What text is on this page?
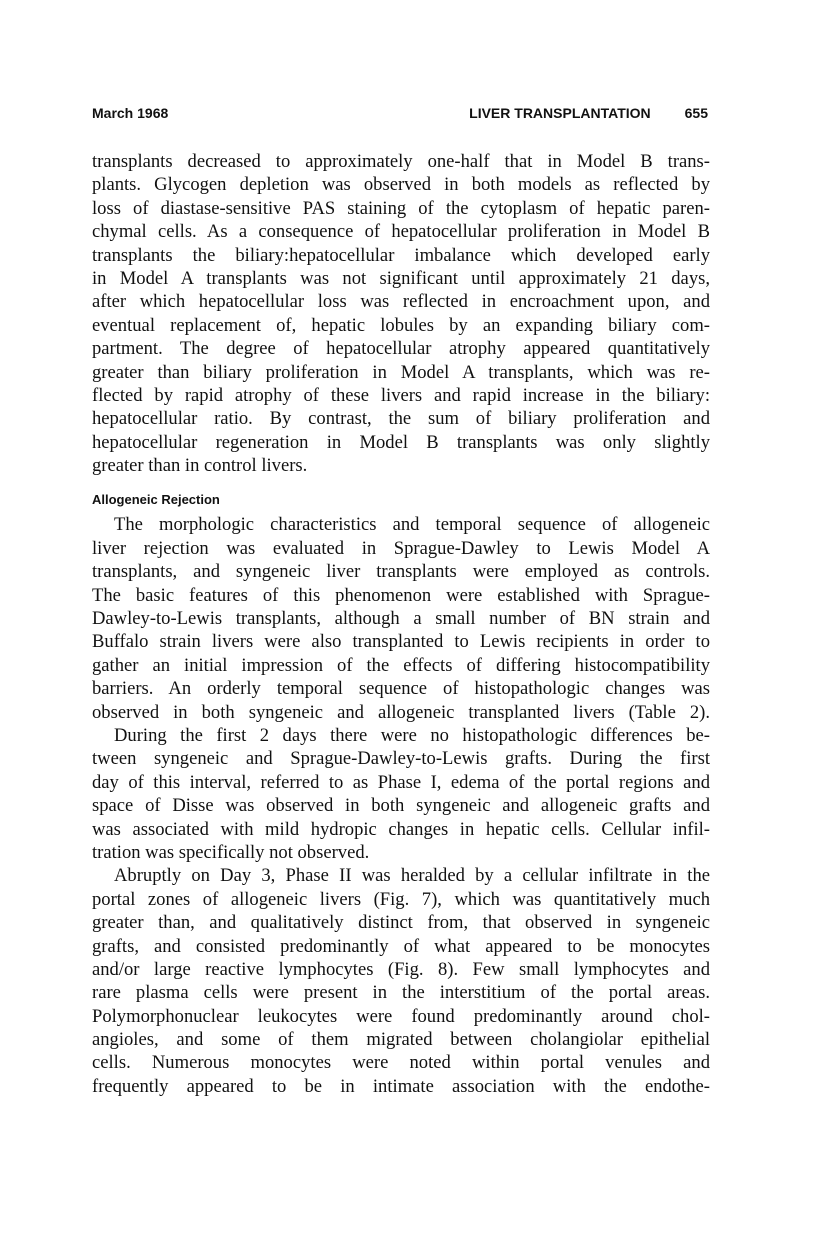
March 1968	LIVER TRANSPLANTATION 655
transplants decreased to approximately one-half that in Model B trans-
plants. Glycogen depletion was observed in both models as reflected by
loss of diastase-sensitive PAS staining of the cytoplasm of hepatic paren-
chymal cells. As a consequence of hepatocellular proliferation in Model B
transplants the biliary:hepatocellular imbalance which developed early
in Model A transplants was not significant until approximately 21 days,
after which hepatocellular loss was reflected in encroachment upon, and
eventual replacement of, hepatic lobules by an expanding biliary com-
partment. The degree of hepatocellular atrophy appeared quantitatively
greater than biliary proliferation in Model A transplants, which was re-
flected by rapid atrophy of these livers and rapid increase in the biliary:
hepatocellular ratio. By contrast, the sum of biliary proliferation and
hepatocellular regeneration in Model B transplants was only slightly
greater than in control livers.
Allogeneic Rejection
The morphologic characteristics and temporal sequence of allogeneic
liver rejection was evaluated in Sprague-Dawley to Lewis Model A
transplants, and syngeneic liver transplants were employed as controls.
The basic features of this phenomenon were established with Sprague-
Dawley-to-Lewis transplants, although a small number of BN strain and
Buffalo strain livers were also transplanted to Lewis recipients in order to
gather an initial impression of the effects of differing histocompatibility
barriers. An orderly temporal sequence of histopathologic changes was
observed in both syngeneic and allogeneic transplanted livers (Table 2).
During the first 2 days there were no histopathologic differences be-
tween syngeneic and Sprague-Dawley-to-Lewis grafts. During the first
day of this interval, referred to as Phase I, edema of the portal regions and
space of Disse was observed in both syngeneic and allogeneic grafts and
was associated with mild hydropic changes in hepatic cells. Cellular infil-
tration was specifically not observed.
Abruptly on Day 3, Phase II was heralded by a cellular infiltrate in the
portal zones of allogeneic livers (Fig. 7), which was quantitatively much
greater than, and qualitatively distinct from, that observed in syngeneic
grafts, and consisted predominantly of what appeared to be monocytes
and/or large reactive lymphocytes (Fig. 8). Few small lymphocytes and
rare plasma cells were present in the interstitium of the portal areas.
Polymorphonuclear leukocytes were found predominantly around chol-
angioles, and some of them migrated between cholangiolar epithelial
cells. Numerous monocytes were noted within portal venules and
frequently appeared to be in intimate association with the endothe-
